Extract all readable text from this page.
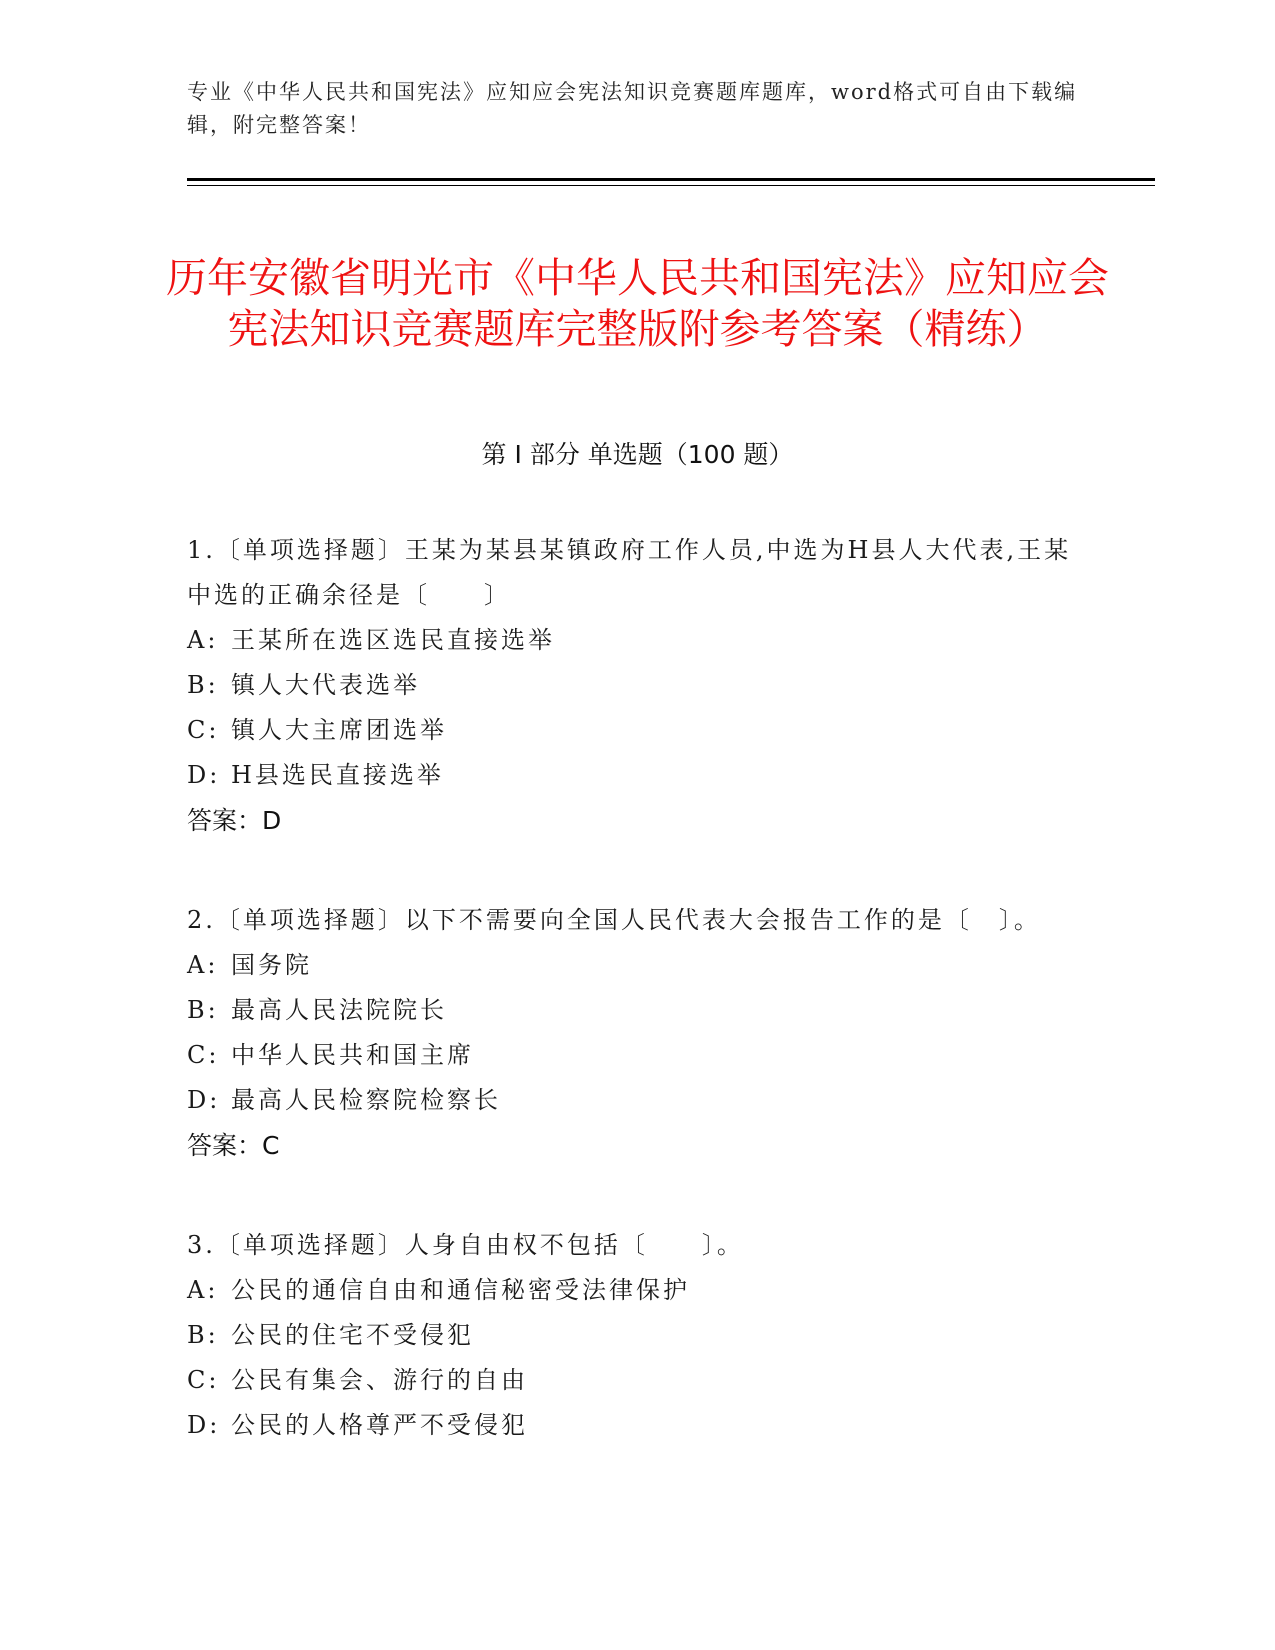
专业《中华人民共和国宪法》应知应会宪法知识竞赛题库题库，word格式可自由下载编辑，附完整答案！
历年安徽省明光市《中华人民共和国宪法》应知应会宪法知识竞赛题库完整版附参考答案（精练）
第 I 部分 单选题（100 题）
1.〔单项选择题〕王某为某县某镇政府工作人员,中选为H县人大代表,王某中选的正确余径是〔　　〕
A: 王某所在选区选民直接选举
B: 镇人大代表选举
C: 镇人大主席团选举
D: H县选民直接选举
答案：D
2.〔单项选择题〕以下不需要向全国人民代表大会报告工作的是〔　〕。
A: 国务院
B: 最高人民法院院长
C: 中华人民共和国主席
D: 最高人民检察院检察长
答案：C
3.〔单项选择题〕人身自由权不包括〔　　〕。
A: 公民的通信自由和通信秘密受法律保护
B: 公民的住宅不受侵犯
C: 公民有集会、游行的自由
D: 公民的人格尊严不受侵犯
